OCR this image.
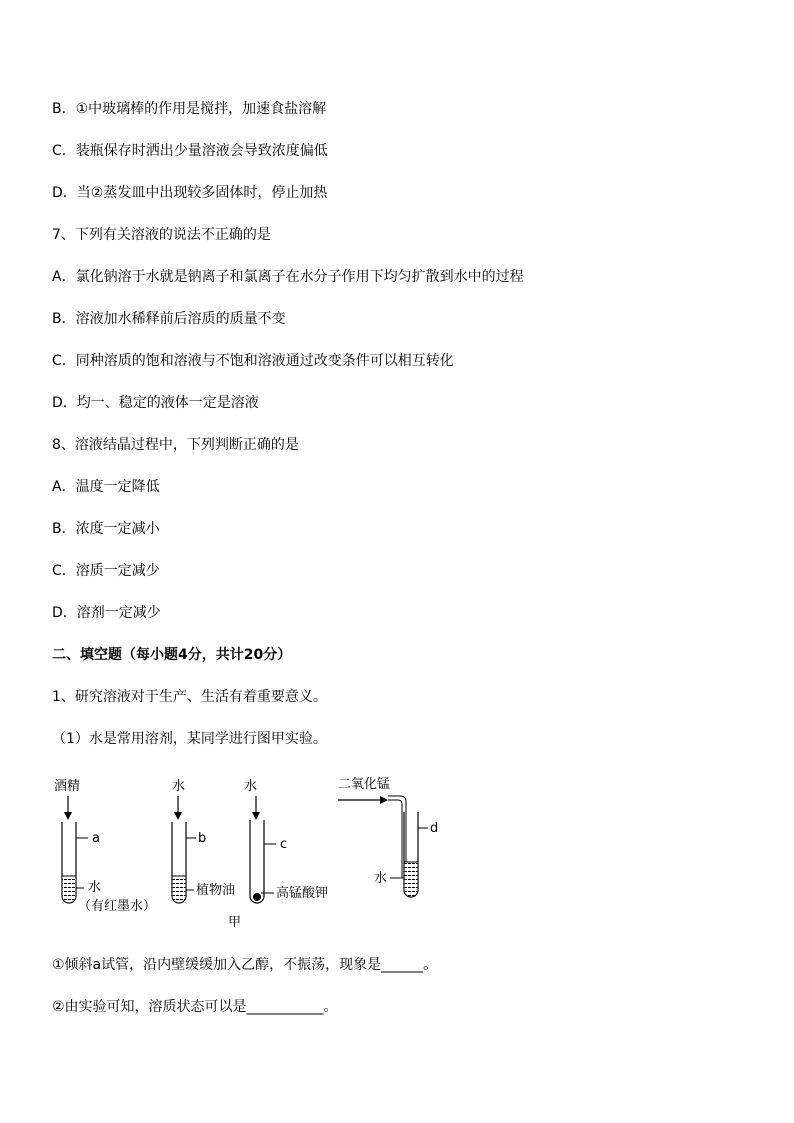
B．①中玻璃棒的作用是搅拌，加速食盐溶解
C．装瓶保存时洒出少量溶液会导致浓度偏低
D．当②蒸发皿中出现较多固体时，停止加热
7、下列有关溶液的说法不正确的是
A．氯化钠溶于水就是钠离子和氯离子在水分子作用下均匀扩散到水中的过程
B．溶液加水稀释前后溶质的质量不变
C．同种溶质的饱和溶液与不饱和溶液通过改变条件可以相互转化
D．均一、稳定的液体一定是溶液
8、溶液结晶过程中，下列判断正确的是
A．温度一定降低
B．浓度一定减小
C．溶质一定减少
D．溶剂一定减少
二、填空题（每小题4分，共计20分）
1、研究溶液对于生产、生活有着重要意义。
（1）水是常用溶剂，某同学进行图甲实验。
酒精
a
水
（有红墨水）
水
b
植物油
水
c
高锰酸钾
二氧化锰
d
水
甲
①倾斜a试管，沿内壁缓缓加入乙醇，不振荡，现象是______。
②由实验可知，溶质状态可以是___________。
